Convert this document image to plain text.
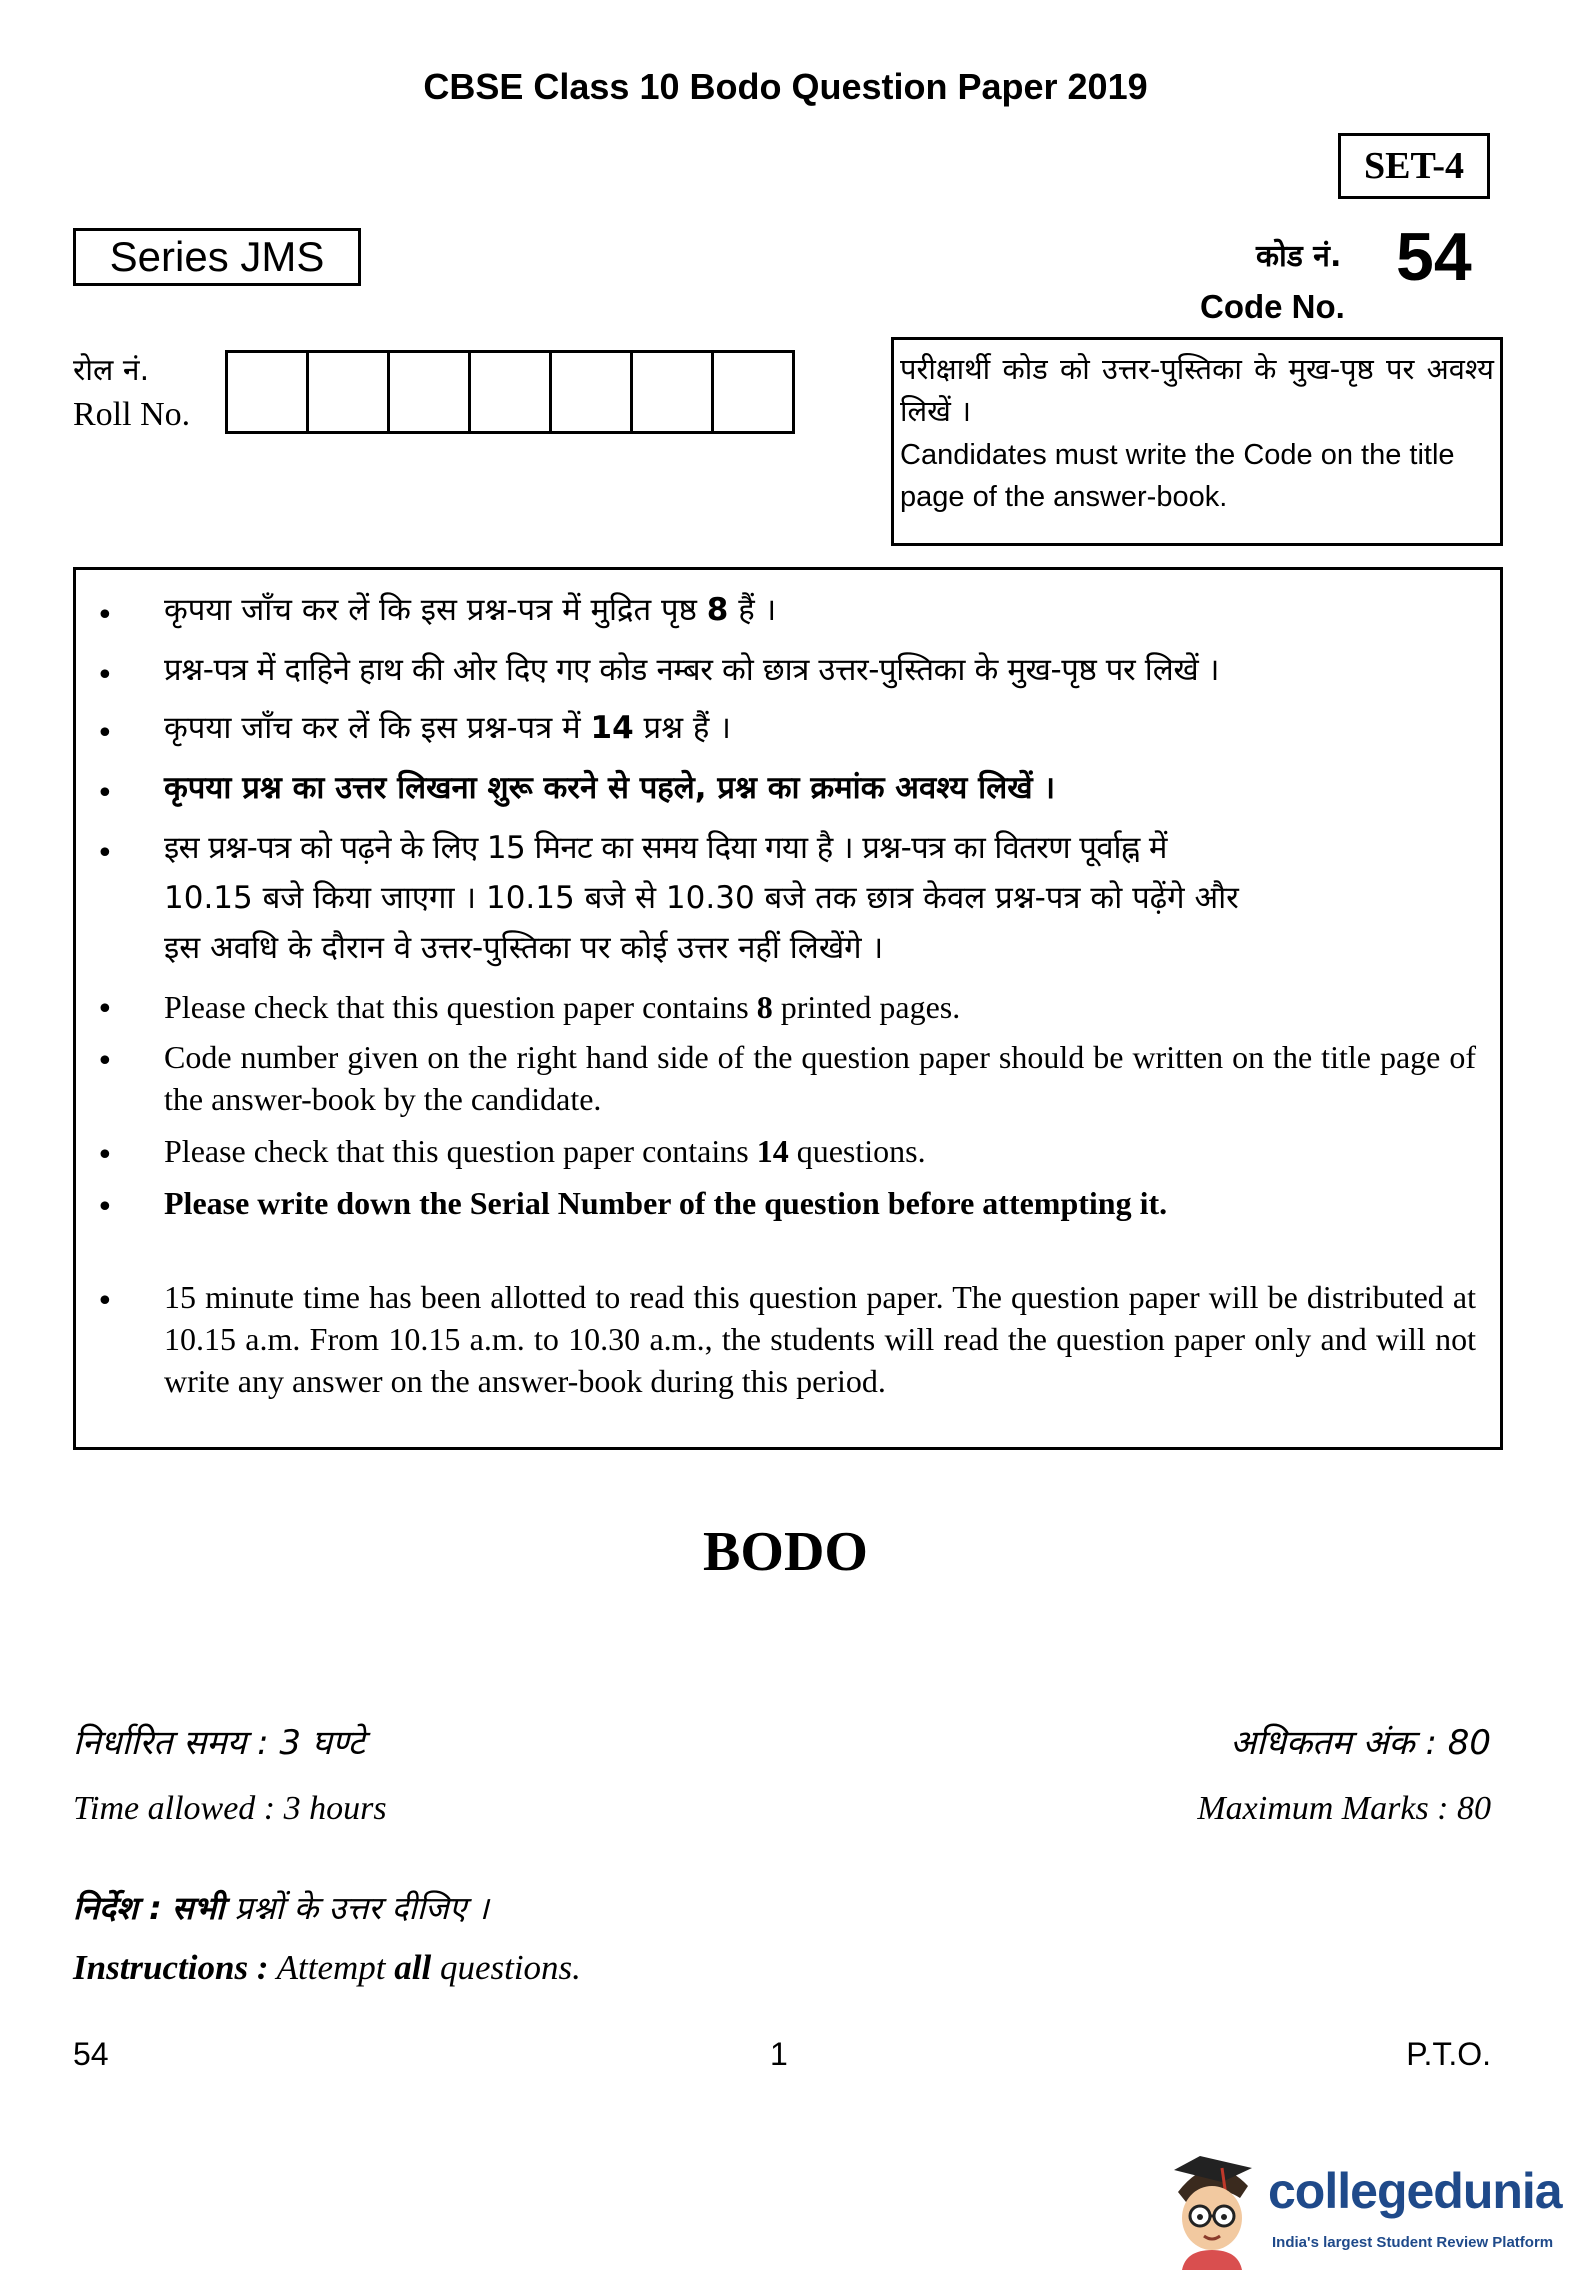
CBSE Class 10 Bodo Question Paper 2019
SET-4
Series JMS	कोड नं. 54
Code No.
रोल नं.
Roll No.
परीक्षार्थी कोड को उत्तर-पुस्तिका के मुख-पृष्ठ पर अवश्य लिखें ।
Candidates must write the Code on the title page of the answer-book.
• कृपया जाँच कर लें कि इस प्रश्न-पत्र में मुद्रित पृष्ठ 8 हैं ।
• प्रश्न-पत्र में दाहिने हाथ की ओर दिए गए कोड नम्बर को छात्र उत्तर-पुस्तिका के मुख-पृष्ठ पर लिखें ।
• कृपया जाँच कर लें कि इस प्रश्न-पत्र में 14 प्रश्न हैं ।
• कृपया प्रश्न का उत्तर लिखना शुरू करने से पहले, प्रश्न का क्रमांक अवश्य लिखें ।
• इस प्रश्न-पत्र को पढ़ने के लिए 15 मिनट का समय दिया गया है । प्रश्न-पत्र का वितरण पूर्वाह्न में
10.15 बजे किया जाएगा । 10.15 बजे से 10.30 बजे तक छात्र केवल प्रश्न-पत्र को पढ़ेंगे और
इस अवधि के दौरान वे उत्तर-पुस्तिका पर कोई उत्तर नहीं लिखेंगे ।
• Please check that this question paper contains 8 printed pages.
• Code number given on the right hand side of the question paper should be written on the title page of the answer-book by the candidate.
• Please check that this question paper contains 14 questions.
• Please write down the Serial Number of the question before attempting it.
• 15 minute time has been allotted to read this question paper. The question paper will be distributed at 10.15 a.m. From 10.15 a.m. to 10.30 a.m., the students will read the question paper only and will not write any answer on the answer-book during this period.
BODO
निर्धारित समय : 3 घण्टे	अधिकतम अंक : 80
Time allowed : 3 hours	Maximum Marks : 80
निर्देश : सभी प्रश्नों के उत्तर दीजिए ।
Instructions : Attempt all questions.
54	1	P.T.O.
collegedunia
India's largest Student Review Platform
